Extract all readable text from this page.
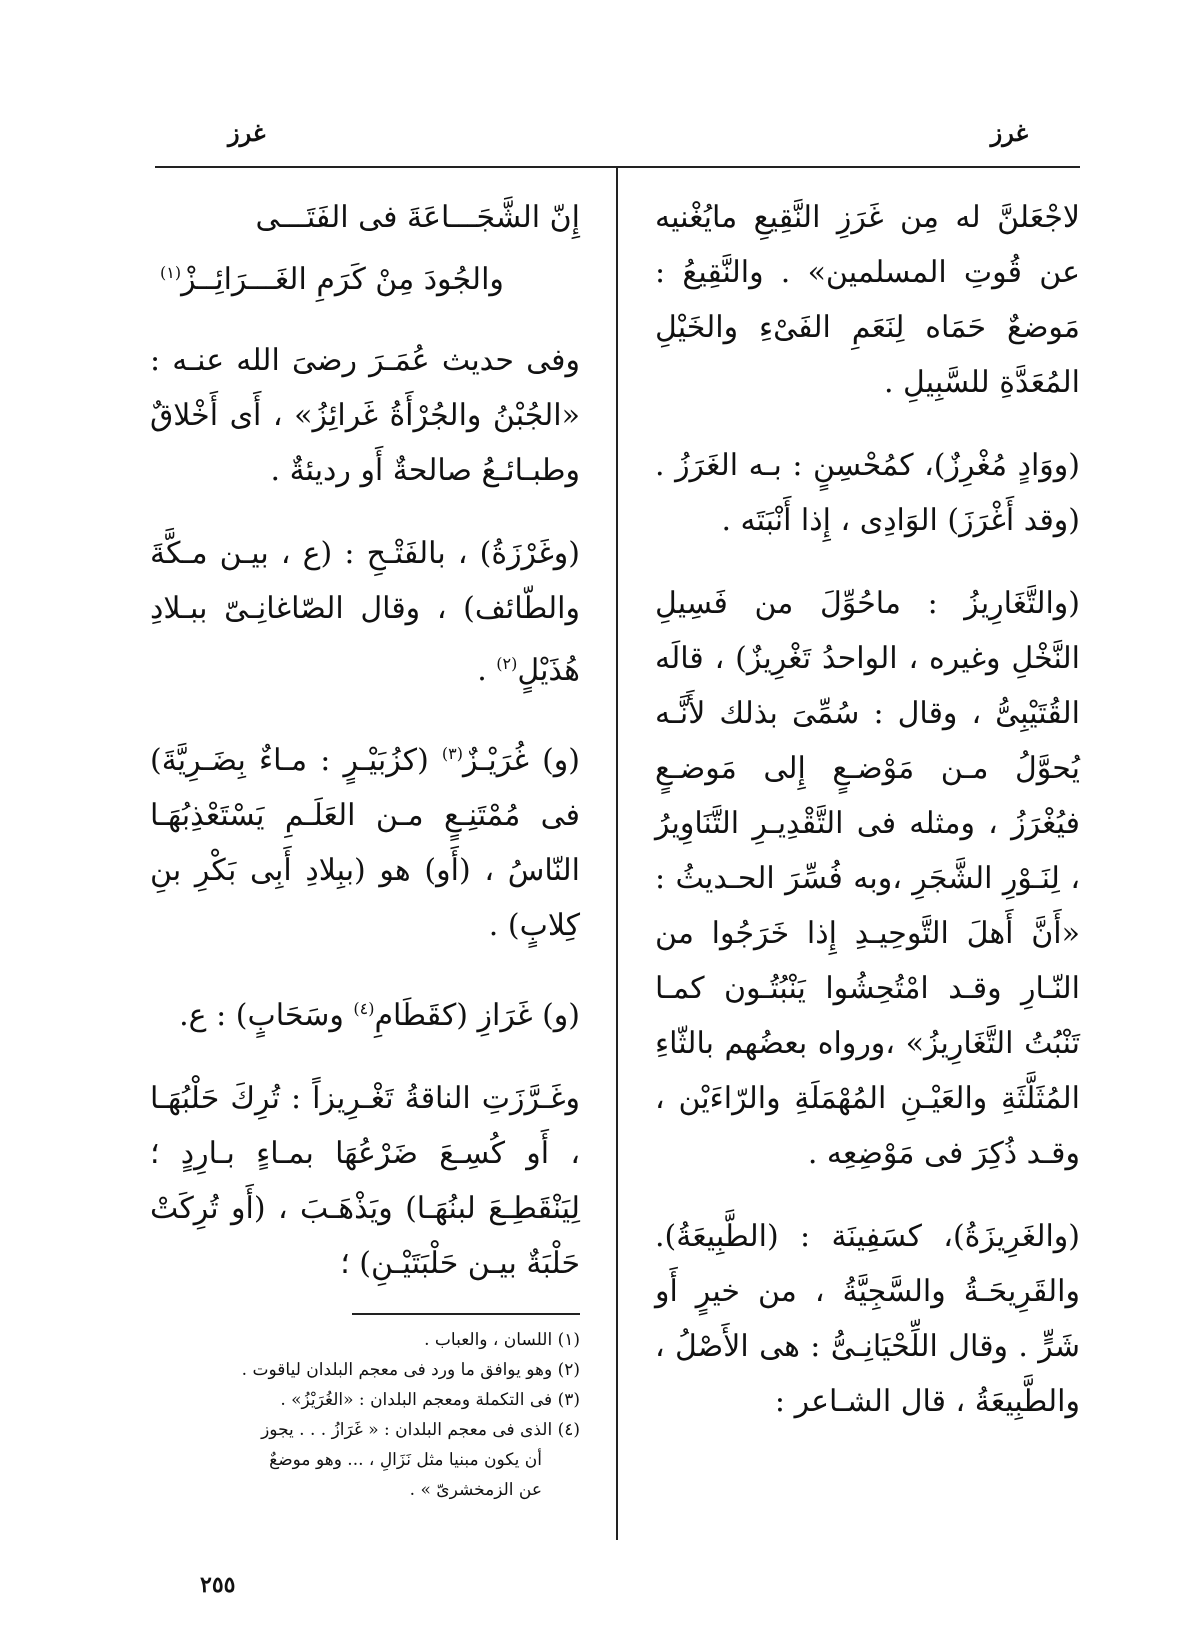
غرز
غرز

لاجْعَلنَّ له مِن غَرَزِ النَّقِيعِ مايُغْنيه عن قُوتِ المسلمين» . والنَّقِيعُ : مَوضعٌ حَمَاه لِنَعَمِ الفَىْءِ والخَيْلِ المُعَدَّةِ للسَّبِيلِ .

(ووَادٍ مُغْرِزٌ)، كمُحْسِنٍ : بـه الغَرَزُ . (وقد أَغْرَزَ) الوَادِى ، إِذا أَنْبَتَه .

(والتَّغَارِيزُ : ماحُوِّلَ من فَسِيلِ النَّخْلِ وغيره ، الواحدُ تَغْرِيزٌ) ، قالَه القُتَيْبِىُّ ، وقال : سُمِّىَ بذلك لأَنَّـه يُحوَّلُ مـن مَوْضـعٍ إِلى مَوضـعٍ فيُغْرَزُ ، ومثله فى التَّقْدِيـرِ التَّنَاوِيرُ ، لِنَـوْرِ الشَّجَرِ ،وبه فُسِّرَ الحـديثُ : «أَنَّ أَهلَ التَّوحِيـدِ إِذا خَرَجُوا من النّـارِ وقـد امْتُحِشُوا يَنْبُتُـون كمـا تَنْبُتُ التَّغَارِيزُ» ،ورواه بعضُهم بالثّاءِ المُثَلَّثَةِ والعَيْـنِ المُهْمَلَةِ والرّاءَيْن ، وقـد ذُكِرَ فى مَوْضِعِه .

(والغَرِيزَةُ)، كسَفِينَة : (الطَّبِيعَةُ). والقَرِيحَـةُ والسَّجِيَّةُ ، من خيرٍ أَو شَرٍّ . وقال اللِّحْيَانِـىُّ : هى الأَصْلُ ، والطَّبِيعَةُ ، قال الشـاعر :

إِنّ الشَّجَـــاعَةَ فى الفَتَـــى
والجُودَ مِنْ كَرَمِ الغَـــرَائِــزْ$^{(١)}$

وفى حديث عُمَـرَ رضىَ الله عنـه : «الجُبْنُ والجُرْأَةُ غَرائِزُ» ، أَى أَخْلاقٌ وطبـائـعُ صالحةٌ أَو رديئةٌ .

(وغَرْزَةُ) ، بالفَتْـحِ : (ع ، بيـن مـكَّةَ والطّائف) ، وقال الصّاغانِـىّ ببـلادِ هُذَيْلٍ$^{(٢)}$ .

(و) غُرَيْـزٌ$^{(٣)}$ (كزُبَيْـرٍ : مـاءٌ بِضَـرِيَّةَ) فى مُمْتَنِـعٍ مـن العَلَـمِ يَسْتَعْذِبُهَـا النّاسُ ، (أَو) هو (ببِلادِ أَبِى بَكْرِ بنِ كِلابٍ) .

(و) غَرَازِ (كقَطَامِ$^{(٤)}$ وسَحَابٍ) : ع.

وغَـرَّزَتِ الناقةُ تَغْـرِيزاً : تُرِكَ حَلْبُهَـا ، أَو كُسِـعَ ضَرْعُهَا بمـاءٍ بـارِدٍ ؛ لِيَنْقَطِـعَ لبنُهَـا) ويَذْهَـبَ ، (أَو تُرِكَتْ حَلْبَةٌ بيـن حَلْبَتَيْـنِ) ؛

(١) اللسان ، والعباب .

(٢) وهو يوافق ما ورد فى معجم البلدان لياقوت .

(٣) فى التكملة ومعجم البلدان : «الغُرَيْزُ» .

(٤) الذى فى معجم البلدان : « غَرَازُ . . . يجوز

أن يكون مبنيا مثل نَزَالِ ، ... وهو موضعٌ

عن الزمخشرىّ » .

٢٥٥
